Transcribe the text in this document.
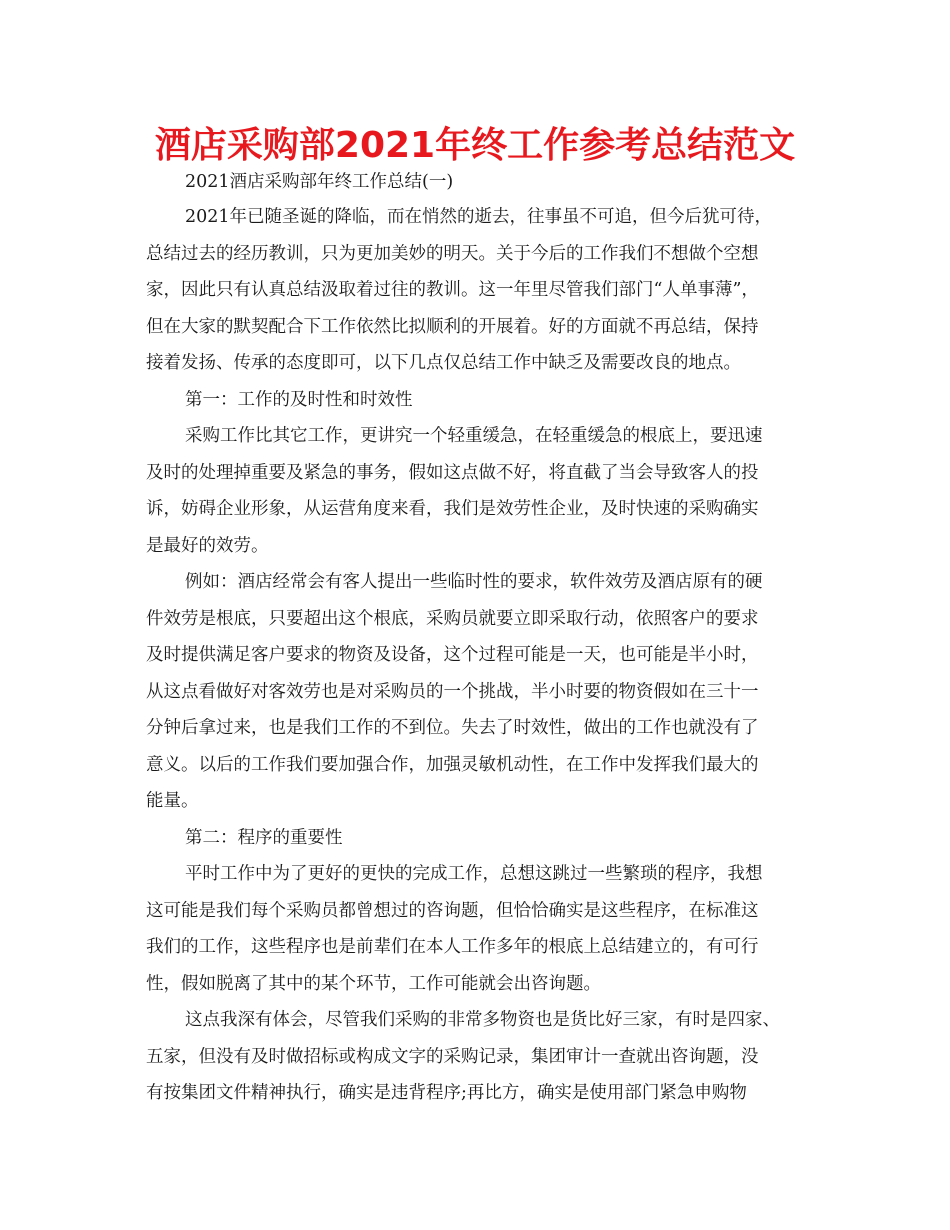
酒店采购部2021年终工作参考总结范文
2021酒店采购部年终工作总结(一)
2021年已随圣诞的降临，而在悄然的逝去，往事虽不可追，但今后犹可待，
总结过去的经历教训，只为更加美妙的明天。关于今后的工作我们不想做个空想
家，因此只有认真总结汲取着过往的教训。这一年里尽管我们部门“人单事薄”，
但在大家的默契配合下工作依然比拟顺利的开展着。好的方面就不再总结，保持
接着发扬、传承的态度即可，以下几点仅总结工作中缺乏及需要改良的地点。
第一：工作的及时性和时效性
采购工作比其它工作，更讲究一个轻重缓急，在轻重缓急的根底上，要迅速
及时的处理掉重要及紧急的事务，假如这点做不好，将直截了当会导致客人的投
诉，妨碍企业形象，从运营角度来看，我们是效劳性企业，及时快速的采购确实
是最好的效劳。
例如：酒店经常会有客人提出一些临时性的要求，软件效劳及酒店原有的硬
件效劳是根底，只要超出这个根底，采购员就要立即采取行动，依照客户的要求
及时提供满足客户要求的物资及设备，这个过程可能是一天，也可能是半小时，
从这点看做好对客效劳也是对采购员的一个挑战，半小时要的物资假如在三十一
分钟后拿过来，也是我们工作的不到位。失去了时效性，做出的工作也就没有了
意义。以后的工作我们要加强合作，加强灵敏机动性，在工作中发挥我们最大的
能量。
第二：程序的重要性
平时工作中为了更好的更快的完成工作，总想这跳过一些繁琐的程序，我想
这可能是我们每个采购员都曾想过的咨询题，但恰恰确实是这些程序，在标准这
我们的工作，这些程序也是前辈们在本人工作多年的根底上总结建立的，有可行
性，假如脱离了其中的某个环节，工作可能就会出咨询题。
这点我深有体会，尽管我们采购的非常多物资也是货比好三家，有时是四家、
五家，但没有及时做招标或构成文字的采购记录，集团审计一查就出咨询题，没
有按集团文件精神执行，确实是违背程序;再比方，确实是使用部门紧急申购物
